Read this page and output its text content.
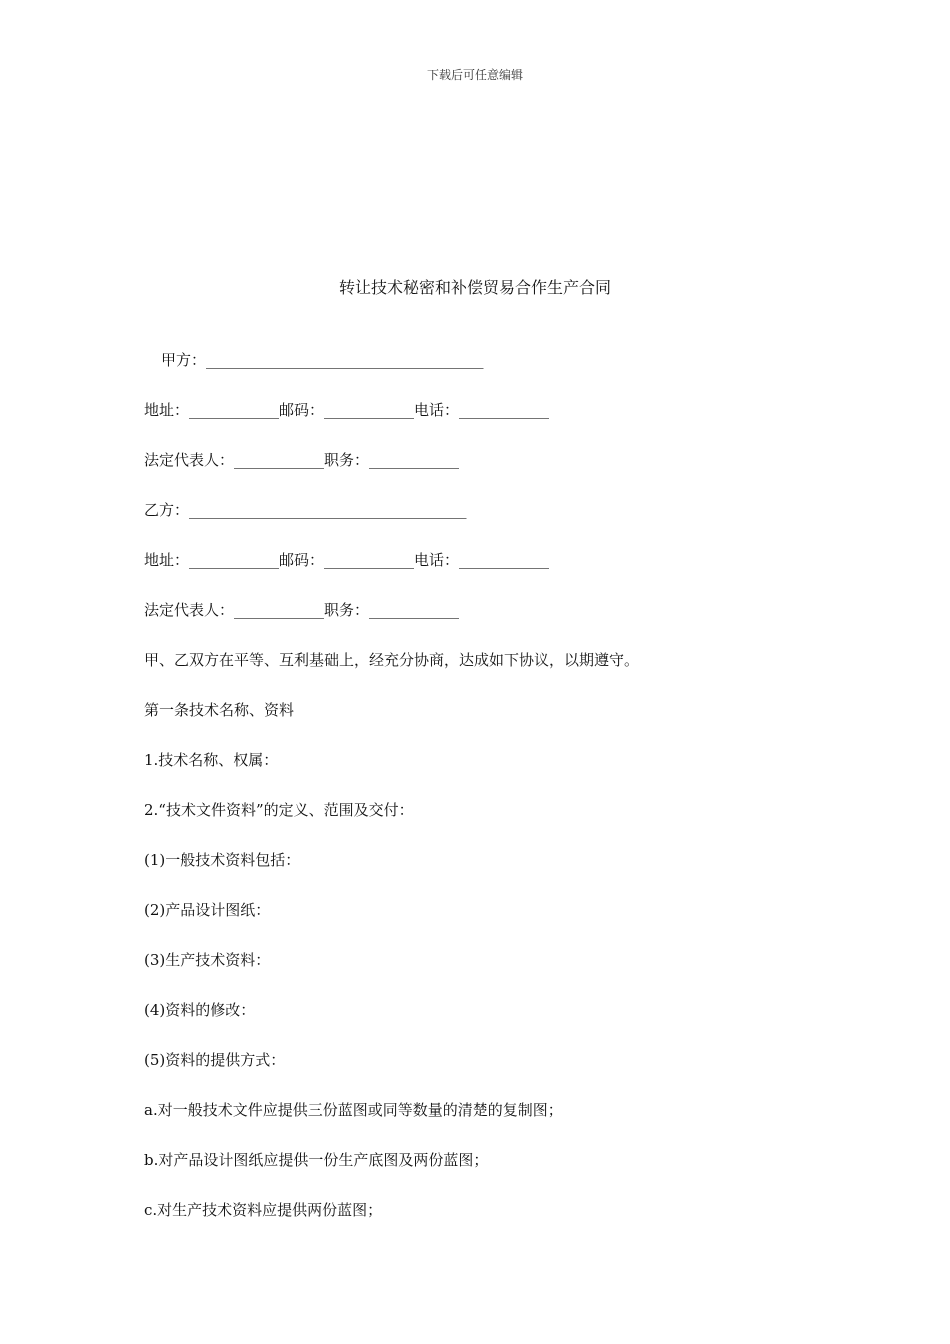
下载后可任意编辑
转让技术秘密和补偿贸易合作生产合同
甲方：_____________________________________
地址：____________邮码：____________电话：____________
法定代表人：____________职务：____________
乙方：_____________________________________
地址：____________邮码：____________电话：____________
法定代表人：____________职务：____________
甲、乙双方在平等、互利基础上，经充分协商，达成如下协议，以期遵守。
第一条技术名称、资料
1.技术名称、权属：
2.“技术文件资料”的定义、范围及交付：
(1)一般技术资料包括：
(2)产品设计图纸：
(3)生产技术资料：
(4)资料的修改：
(5)资料的提供方式：
a.对一般技术文件应提供三份蓝图或同等数量的清楚的复制图；
b.对产品设计图纸应提供一份生产底图及两份蓝图；
c.对生产技术资料应提供两份蓝图；
